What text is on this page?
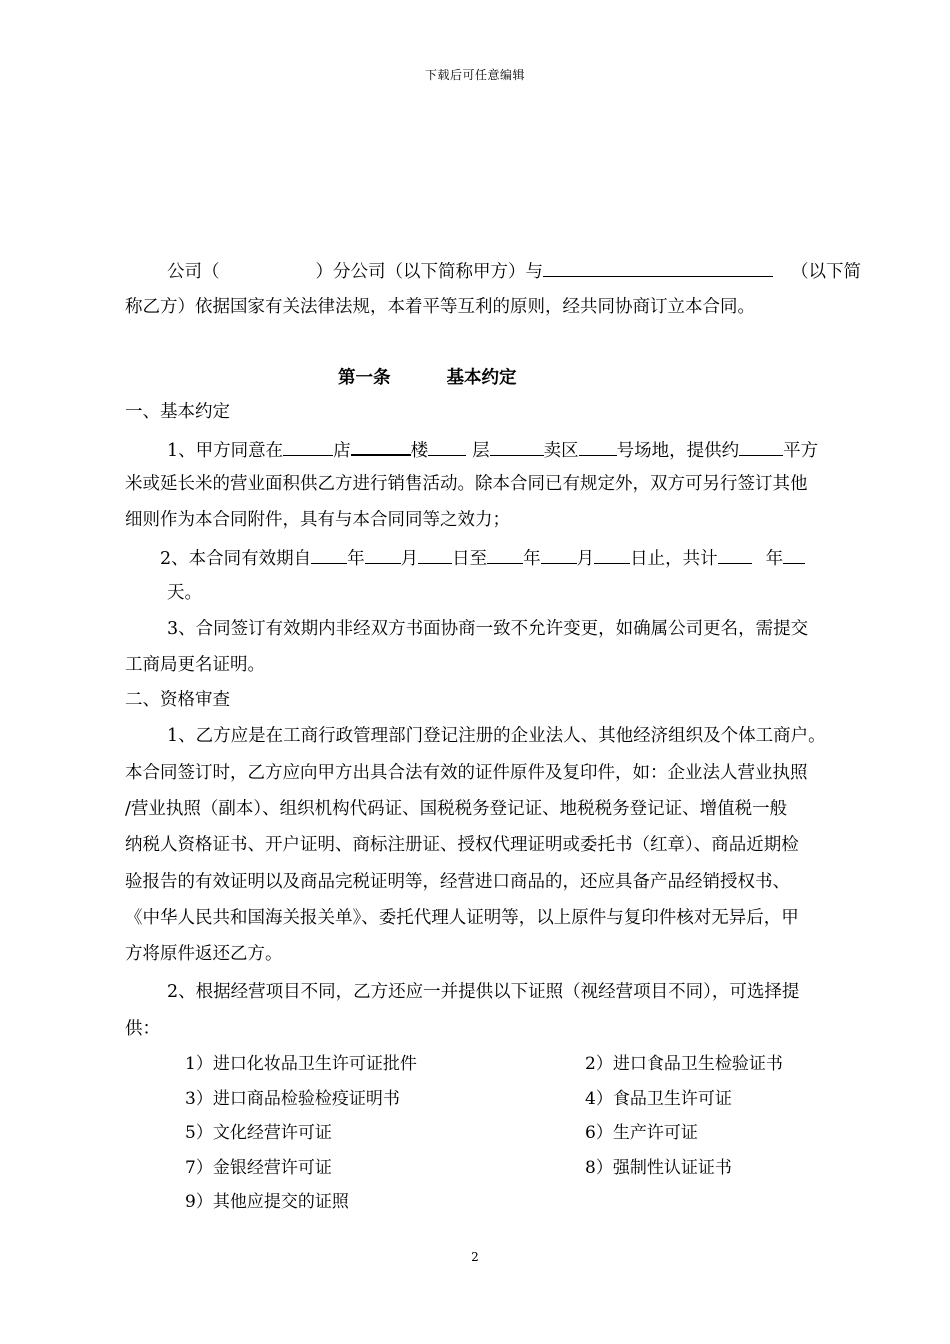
下载后可任意编辑
公司（	）分公司（以下简称甲方）与	（以下简
称乙方）依据国家有关法律法规，本着平等互利的原则，经共同协商订立本合同。
第一条	基本约定
一、基本约定
1、甲方同意在	店	楼	层	卖区 号场地，提供约	平方
米或延长米的营业面积供乙方进行销售活动。除本合同已有规定外，双方可另行签订其他
细则作为本合同附件，具有与本合同同等之效力；
2、本合同有效期自 年 月 日至 年 月 日止，共计	年
天。
3、合同签订有效期内非经双方书面协商一致不允许变更，如确属公司更名，需提交
工商局更名证明。
二、资格审查
1、乙方应是在工商行政管理部门登记注册的企业法人、其他经济组织及个体工商户。
本合同签订时，乙方应向甲方出具合法有效的证件原件及复印件，如：企业法人营业执照
/营业执照（副本）、组织机构代码证、国税税务登记证、地税税务登记证、增值税一般
纳税人资格证书、开户证明、商标注册证、授权代理证明或委托书（红章）、商品近期检
验报告的有效证明以及商品完税证明等，经营进口商品的，还应具备产品经销授权书、
《中华人民共和国海关报关单》、委托代理人证明等，以上原件与复印件核对无异后，甲
方将原件返还乙方。
2、根据经营项目不同，乙方还应一并提供以下证照（视经营项目不同），可选择提
供：
1）进口化妆品卫生许可证批件	2）进口食品卫生检验证书
3）进口商品检验检疫证明书	4）食品卫生许可证
5）文化经营许可证	6）生产许可证
7）金银经营许可证	8）强制性认证证书
9）其他应提交的证照
2
